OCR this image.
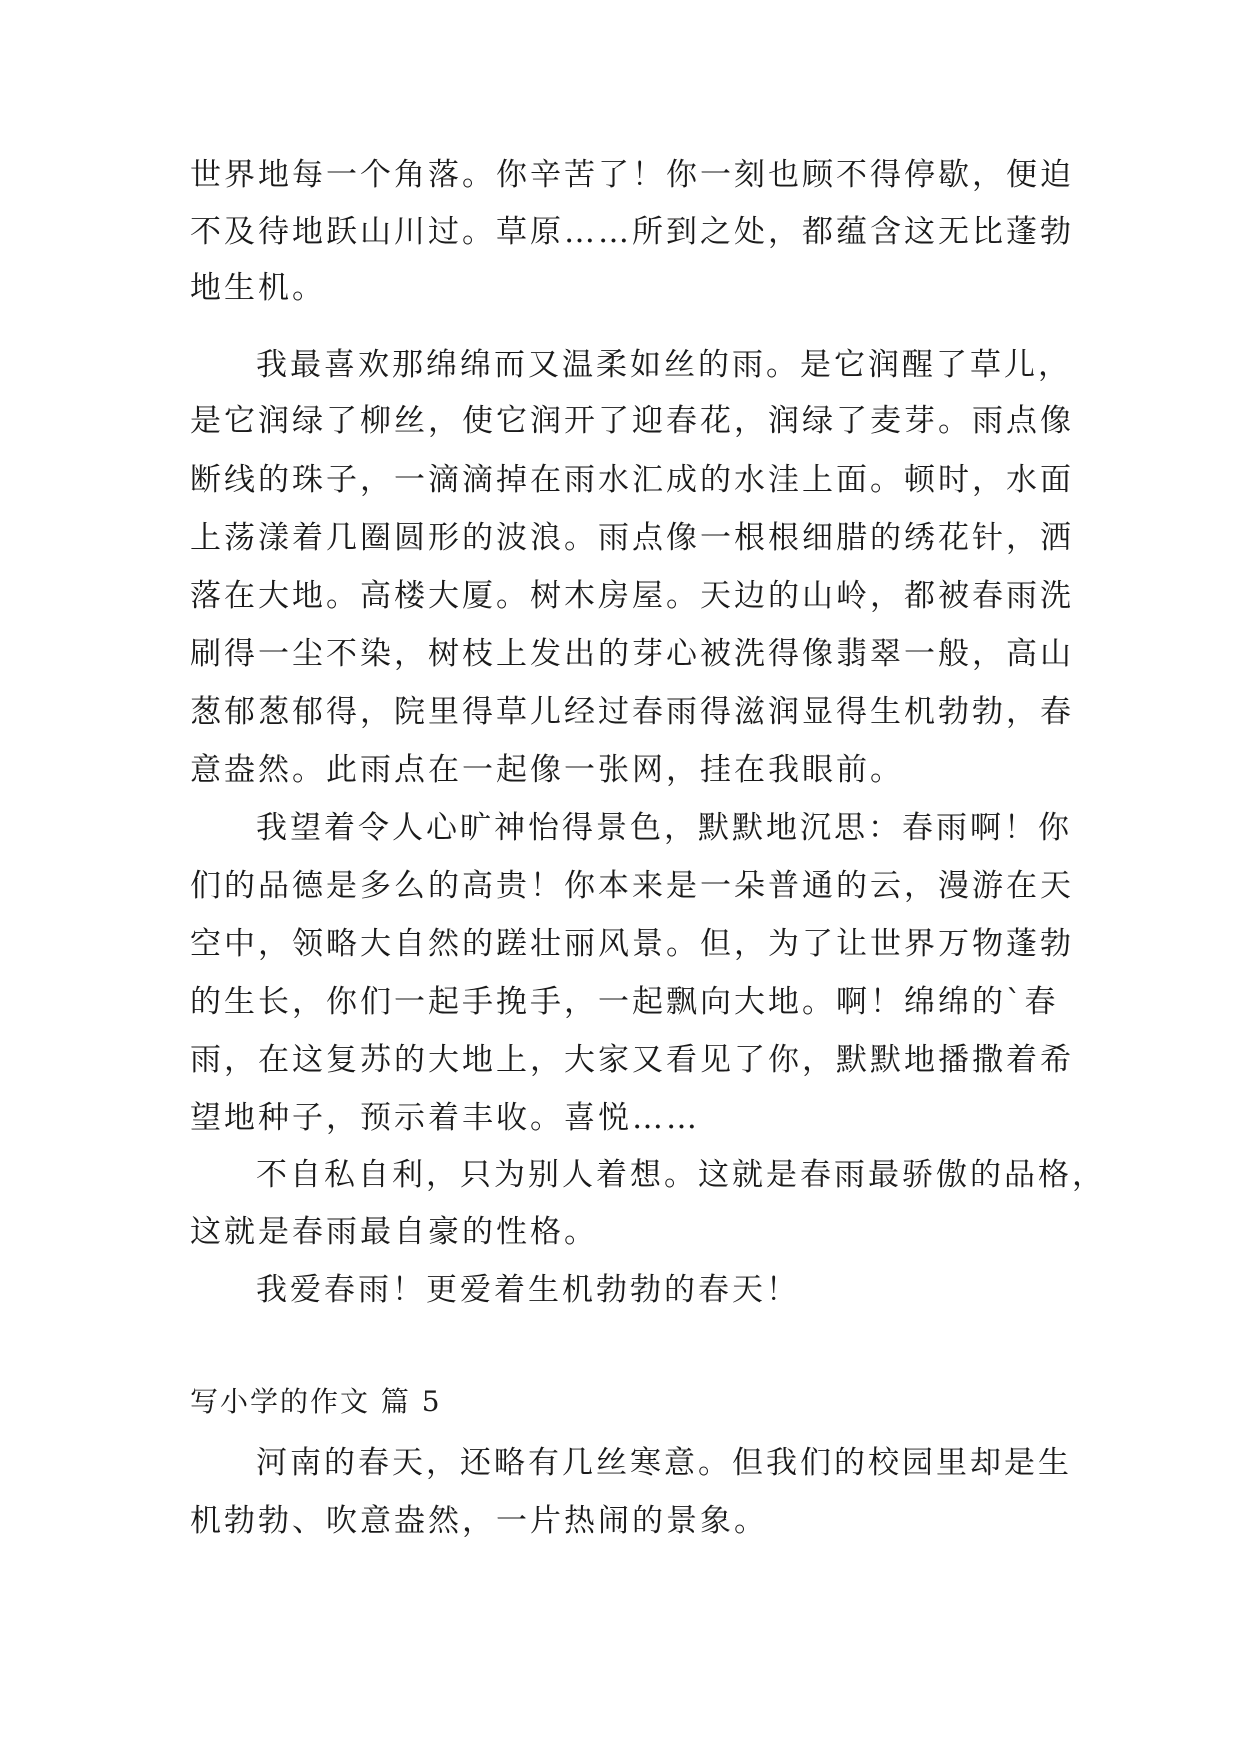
世界地每一个角落。你辛苦了！你一刻也顾不得停歇，便迫
不及待地跃山川过。草原……所到之处，都蕴含这无比蓬勃
地生机。
我最喜欢那绵绵而又温柔如丝的雨。是它润醒了草儿，
是它润绿了柳丝，使它润开了迎春花，润绿了麦芽。雨点像
断线的珠子，一滴滴掉在雨水汇成的水洼上面。顿时，水面
上荡漾着几圈圆形的波浪。雨点像一根根细腊的绣花针，洒
落在大地。高楼大厦。树木房屋。天边的山岭，都被春雨洗
刷得一尘不染，树枝上发出的芽心被洗得像翡翠一般，高山
葱郁葱郁得，院里得草儿经过春雨得滋润显得生机勃勃，春
意盎然。此雨点在一起像一张网，挂在我眼前。
我望着令人心旷神怡得景色，默默地沉思：春雨啊！你
们的品德是多么的高贵！你本来是一朵普通的云，漫游在天
空中，领略大自然的蹉壮丽风景。但，为了让世界万物蓬勃
的生长，你们一起手挽手，一起飘向大地。啊！绵绵的`春
雨，在这复苏的大地上，大家又看见了你，默默地播撒着希
望地种子，预示着丰收。喜悦……
不自私自利，只为别人着想。这就是春雨最骄傲的品格，
这就是春雨最自豪的性格。
我爱春雨！更爱着生机勃勃的春天！
写小学的作文 篇 5
河南的春天，还略有几丝寒意。但我们的校园里却是生
机勃勃、吹意盎然，一片热闹的景象。
